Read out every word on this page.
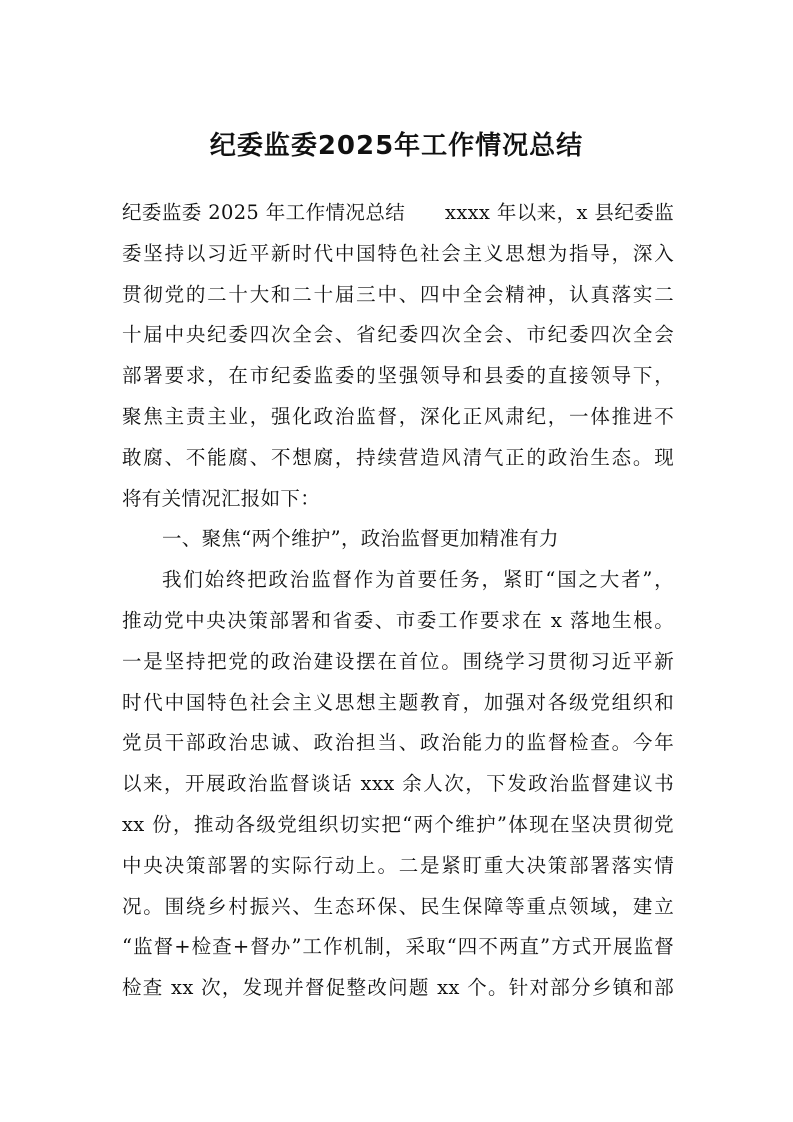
纪委监委2025年工作情况总结
纪委监委 2025 年工作情况总结　　xxxx 年以来，x 县纪委监
委坚持以习近平新时代中国特色社会主义思想为指导，深入
贯彻党的二十大和二十届三中、四中全会精神，认真落实二
十届中央纪委四次全会、省纪委四次全会、市纪委四次全会
部署要求，在市纪委监委的坚强领导和县委的直接领导下，
聚焦主责主业，强化政治监督，深化正风肃纪，一体推进不
敢腐、不能腐、不想腐，持续营造风清气正的政治生态。现
将有关情况汇报如下：
一、聚焦“两个维护”，政治监督更加精准有力
我们始终把政治监督作为首要任务，紧盯“国之大者”，
推动党中央决策部署和省委、市委工作要求在 x 落地生根。
一是坚持把党的政治建设摆在首位。围绕学习贯彻习近平新
时代中国特色社会主义思想主题教育，加强对各级党组织和
党员干部政治忠诚、政治担当、政治能力的监督检查。今年
以来，开展政治监督谈话 xxx 余人次，下发政治监督建议书
xx 份，推动各级党组织切实把“两个维护”体现在坚决贯彻党
中央决策部署的实际行动上。二是紧盯重大决策部署落实情
况。围绕乡村振兴、生态环保、民生保障等重点领域，建立
“监督+检查+督办”工作机制，采取“四不两直”方式开展监督
检查 xx 次，发现并督促整改问题 xx 个。针对部分乡镇和部
